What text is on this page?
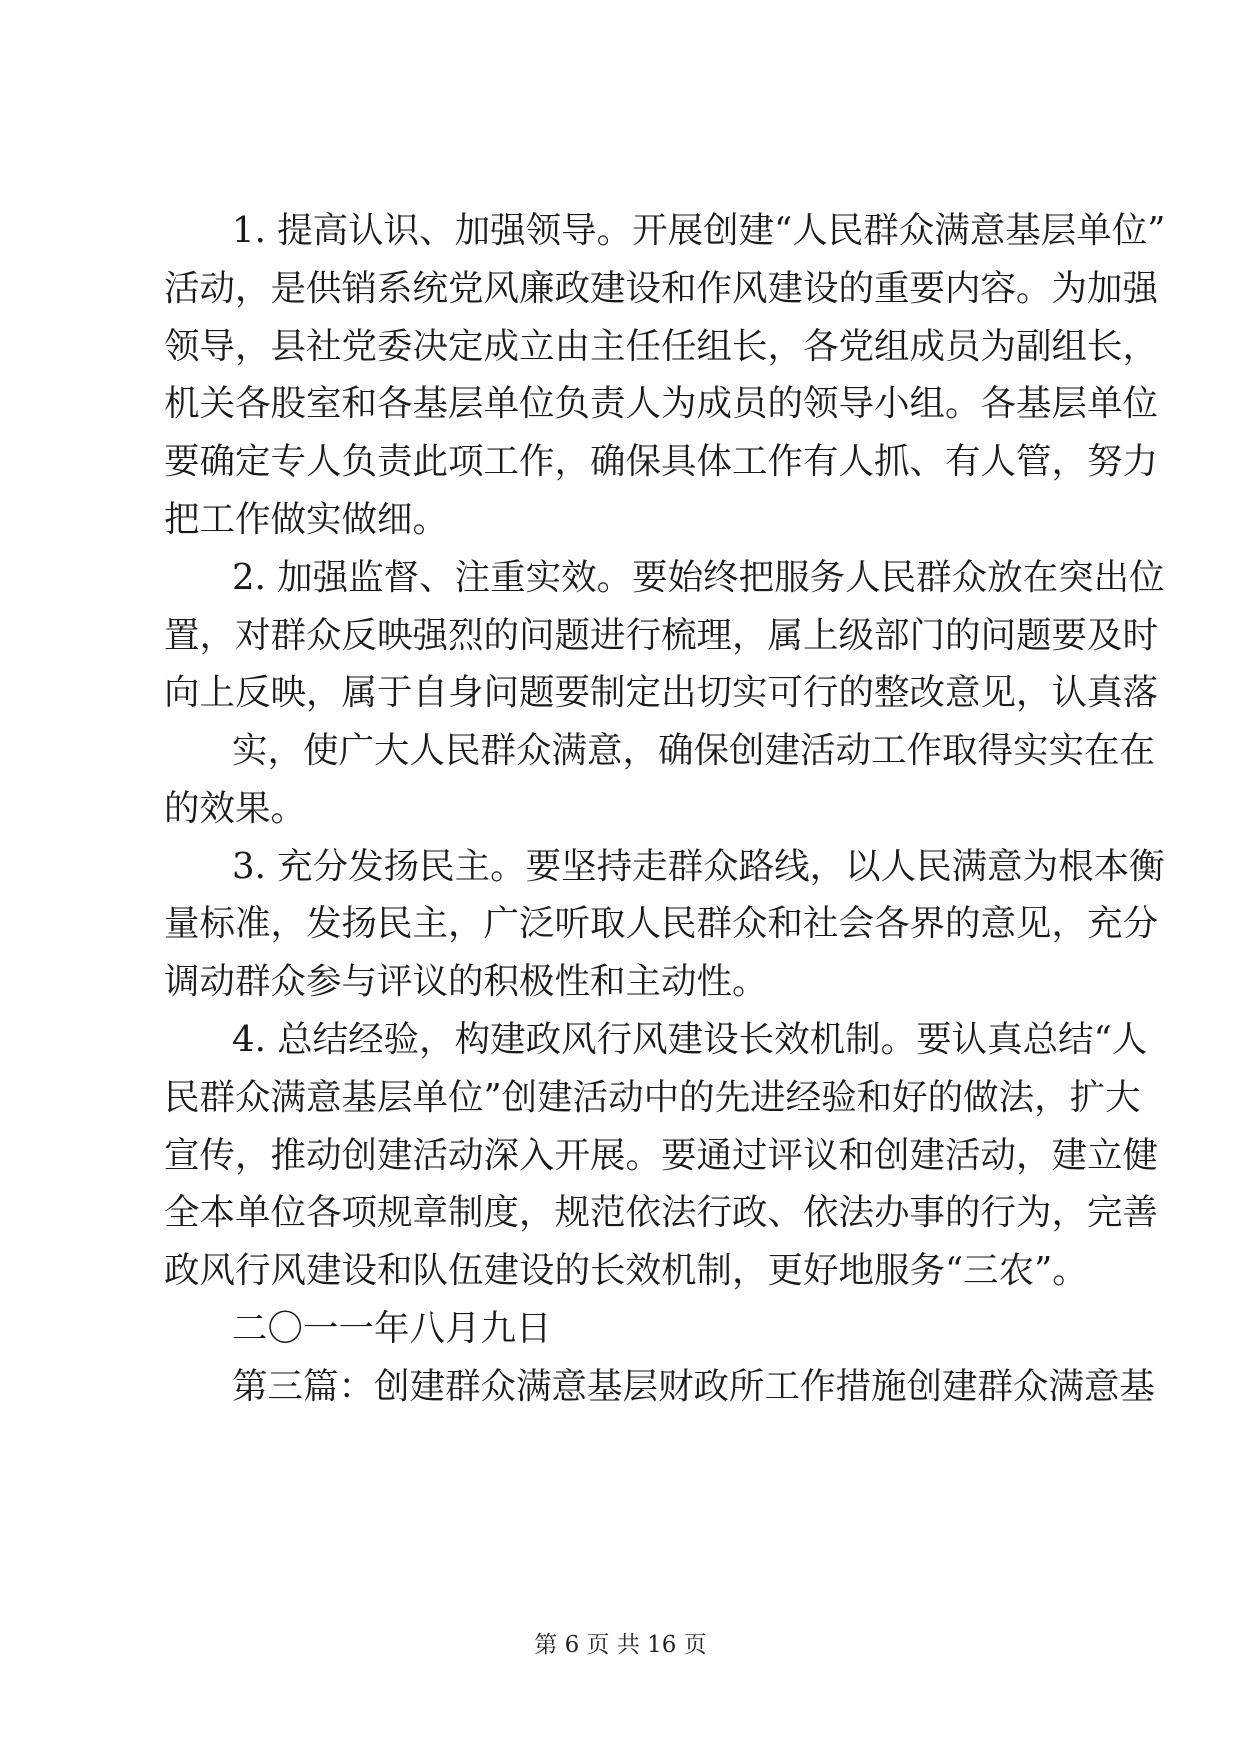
1. 提高认识、加强领导。开展创建“人民群众满意基层单位”
活动，是供销系统党风廉政建设和作风建设的重要内容。为加强
领导，县社党委决定成立由主任任组长，各党组成员为副组长，
机关各股室和各基层单位负责人为成员的领导小组。各基层单位
要确定专人负责此项工作，确保具体工作有人抓、有人管，努力
把工作做实做细。
2. 加强监督、注重实效。要始终把服务人民群众放在突出位
置，对群众反映强烈的问题进行梳理，属上级部门的问题要及时
向上反映，属于自身问题要制定出切实可行的整改意见，认真落
实，使广大人民群众满意，确保创建活动工作取得实实在在
的效果。
3. 充分发扬民主。要坚持走群众路线，以人民满意为根本衡
量标准，发扬民主，广泛听取人民群众和社会各界的意见，充分
调动群众参与评议的积极性和主动性。
4. 总结经验，构建政风行风建设长效机制。要认真总结“人
民群众满意基层单位”创建活动中的先进经验和好的做法，扩大
宣传，推动创建活动深入开展。要通过评议和创建活动，建立健
全本单位各项规章制度，规范依法行政、依法办事的行为，完善
政风行风建设和队伍建设的长效机制，更好地服务“三农”。
二〇一一年八月九日
第三篇：创建群众满意基层财政所工作措施创建群众满意基
第 6 页 共 16 页
